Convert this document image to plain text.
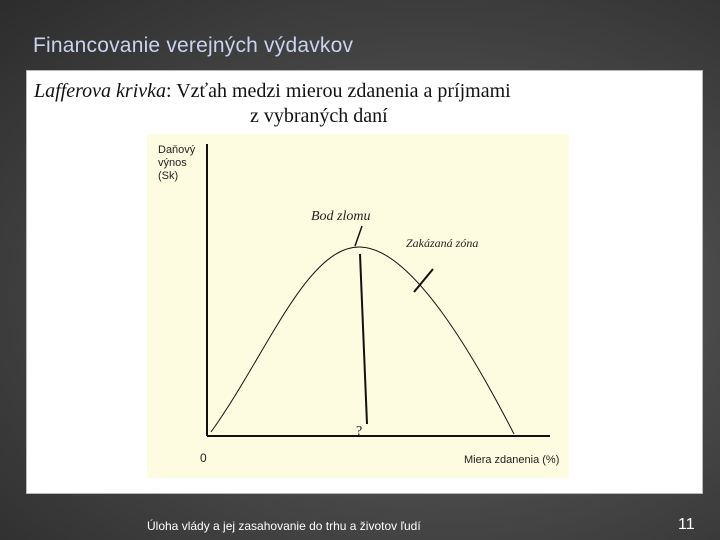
Financovanie verejných výdavkov
Lafferova krivka: Vzťah medzi mierou zdanenia a príjmami
z vybraných daní
Daňový
výnos
(Sk)
0	Miera zdanenia (%)
Bod zlomu
Zakázaná zóna
?
Úloha vlády a jej zasahovanie do trhu a životov ľudí	11
